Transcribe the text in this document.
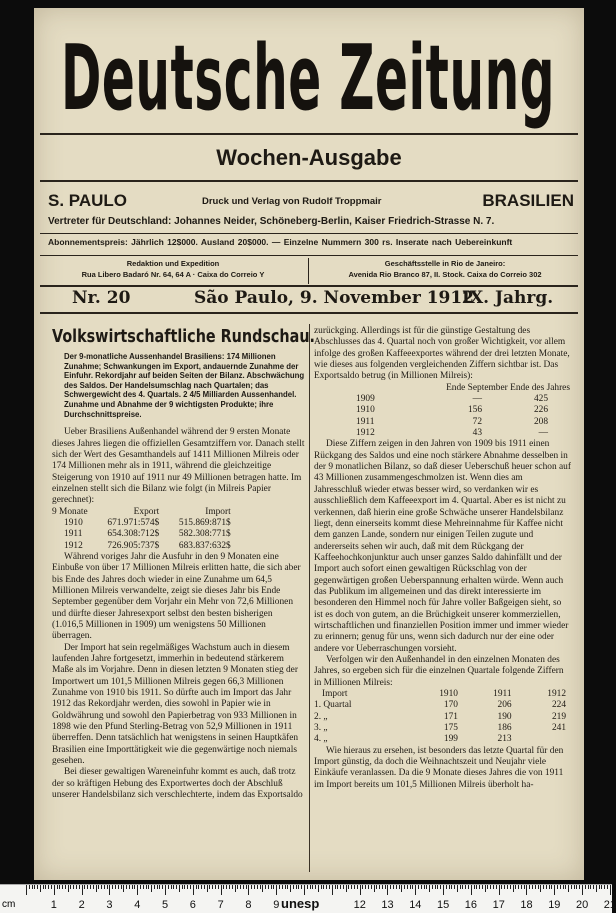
Deutsche Zeitung
Wochen-Ausgabe
S. PAULO	Druck und Verlag von Rudolf Troppmair	BRASILIEN
Vertreter für Deutschland: Johannes Neider, Schöneberg-Berlin, Kaiser Friedrich-Strasse N. 7.
Abonnementspreis: Jährlich 12$000. Ausland 20$000. — Einzelne Nummern 300 rs. Inserate nach Uebereinkunft
Redaktion und Expedition
Rua Libero Badaró Nr. 64, 64 A · Caixa do Correio Y
Geschäftsstelle in Rio de Janeiro:
Avenida Rio Branco 87, II. Stock. Caixa do Correio 302
Nr. 20	São Paulo, 9. November 1912
IX. Jahrg.
Volkswirtschaftliche Rundschau.

Der 9-monatliche Aussenhandel Brasiliens: 174 Millionen Zunahme; Schwankungen im Export, andauernde Zunahme der Einfuhr. Rekordjahr auf beiden Seiten der Bilanz. Abschwächung des Saldos. Der Handelsumschlag nach Quartalen; das Schwergewicht des 4. Quartals. 2 4/5 Milliarden Aussenhandel. Zunahme und Abnahme der 9 wichtigsten Produkte; ihre Durchschnittspreise.

Ueber Brasiliens Außenhandel während der 9 ersten Monate dieses Jahres liegen die offiziellen Gesamtziffern vor. Danach stellt sich der Wert des Gesamthandels auf 1411 Millionen Milreis oder 174 Millionen mehr als in 1911, während die gleichzeitige Steigerung von 1910 auf 1911 nur 49 Millionen betragen hatte. Im einzelnen stellt sich die Bilanz wie folgt (in Milreis Papier gerechnet):

9 Monate	Export	Import
1910	671.971:574$	515.869:871$
1911	654.308:712$	582.308:771$
1912	726.905:737$	683.837:632$

Während voriges Jahr die Ausfuhr in den 9 Monaten eine Einbuße von über 17 Millionen Milreis erlitten hatte, die sich aber bis Ende des Jahres doch wieder in eine Zunahme um 64,5 Millionen Milreis verwandelte, zeigt sie dieses Jahr bis Ende September gegenüber dem Vorjahr ein Mehr von 72,6 Millionen und dürfte dieser Jahresexport selbst den besten bisherigen (1.016,5 Millionen in 1909) um wenigstens 50 Millionen überragen.

Der Import hat sein regelmäßiges Wachstum auch in diesem laufenden Jahre fortgesetzt, immerhin in bedeutend stärkerem Maße als im Vorjahre. Denn in diesen letzten 9 Monaten stieg der Importwert um 101,5 Millionen Milreis gegen 66,3 Millionen Zunahme von 1910 bis 1911. So dürfte auch im Import das Jahr 1912 das Rekordjahr werden, dies sowohl in Papier wie in Goldwährung und sowohl den Papierbetrag von 933 Millionen in 1898 wie den Pfund Sterling-Betrag von 52,9 Millionen in 1911 überreffen. Denn tatsächlich hat wenigstens in seinen Hauptkäfen Brasilien eine Importtätigkeit wie die gegenwärtige noch niemals gesehen.

Bei dieser gewaltigen Wareneinfuhr kommt es auch, daß trotz der so kräftigen Hebung des Exportwertes doch der Abschluß unserer Handelsbilanz sich verschlechterte, indem das Exportsaldo

zurückging. Allerdings ist für die günstige Gestaltung des Abschlusses das 4. Quartal noch von großer Wichtigkeit, vor allem infolge des großen Kaffeeexportes während der drei letzten Monate, wie dieses aus folgenden vergleichenden Ziffern sichtbar ist. Das Exportsaldo betrug (in Millionen Milreis):

Ende September Ende des Jahres
1909	—	425
1910	156	226
1911	72	208
1912	43	—

Diese Ziffern zeigen in den Jahren von 1909 bis 1911 einen Rückgang des Saldos und eine noch stärkere Abnahme desselben in der 9 monatlichen Bilanz, so daß dieser Ueberschuß heuer schon auf 43 Millionen zusammengeschmolzen ist. Wenn dies am Jahresschluß wieder etwas besser wird, so verdanken wir es ausschließlich dem Kaffeeexport im 4. Quartal. Aber es ist nicht zu verkennen, daß hierin eine große Schwäche unserer Handelsbilanz liegt, denn einerseits kommt diese Mehreinnahme für Kaffee nicht dem ganzen Lande, sondern nur einigen Teilen zugute und andererseits sehen wir auch, daß mit dem Rückgang der Kaffeehochkonjunktur auch unser ganzes Saldo dahinfällt und der Import auch sofort einen gewaltigen Rückschlag von der gegenwärtigen großen Ueberspannung erhalten würde. Wenn auch das Publikum im allgemeinen und das direkt interessierte im besonderen den Himmel noch für Jahre voller Baßgeigen sieht, so ist es doch von gutem, an die Brüchigkeit unserer kommerziellen, wirtschaftlichen und finanziellen Position immer und immer wieder zu erinnern; genug für uns, wenn sich dadurch nur der eine oder andere vor Ueberraschungen vorsieht.

Verfolgen wir den Außenhandel in den einzelnen Monaten des Jahres, so ergeben sich für die einzelnen Quartale folgende Ziffern in Millionen Milreis:

Import	1910	1911	1912
1. Quartal	170	206	224
2. „	171	190	219
3. „	175	186	241
4. „	199	213	

Wie hieraus zu ersehen, ist besonders das letzte Quartal für den Import günstig, da doch die Weihnachtszeit und Neujahr viele Einkäufe veranlassen. Da die 9 Monate dieses Jahres die von 1911 im Import bereits um 101,5 Millionen Milreis überholt ha-

cm	unesp
1 2 3 4 5 6 7 8 9	12 13 14 15 16 17 18 19 20 21
